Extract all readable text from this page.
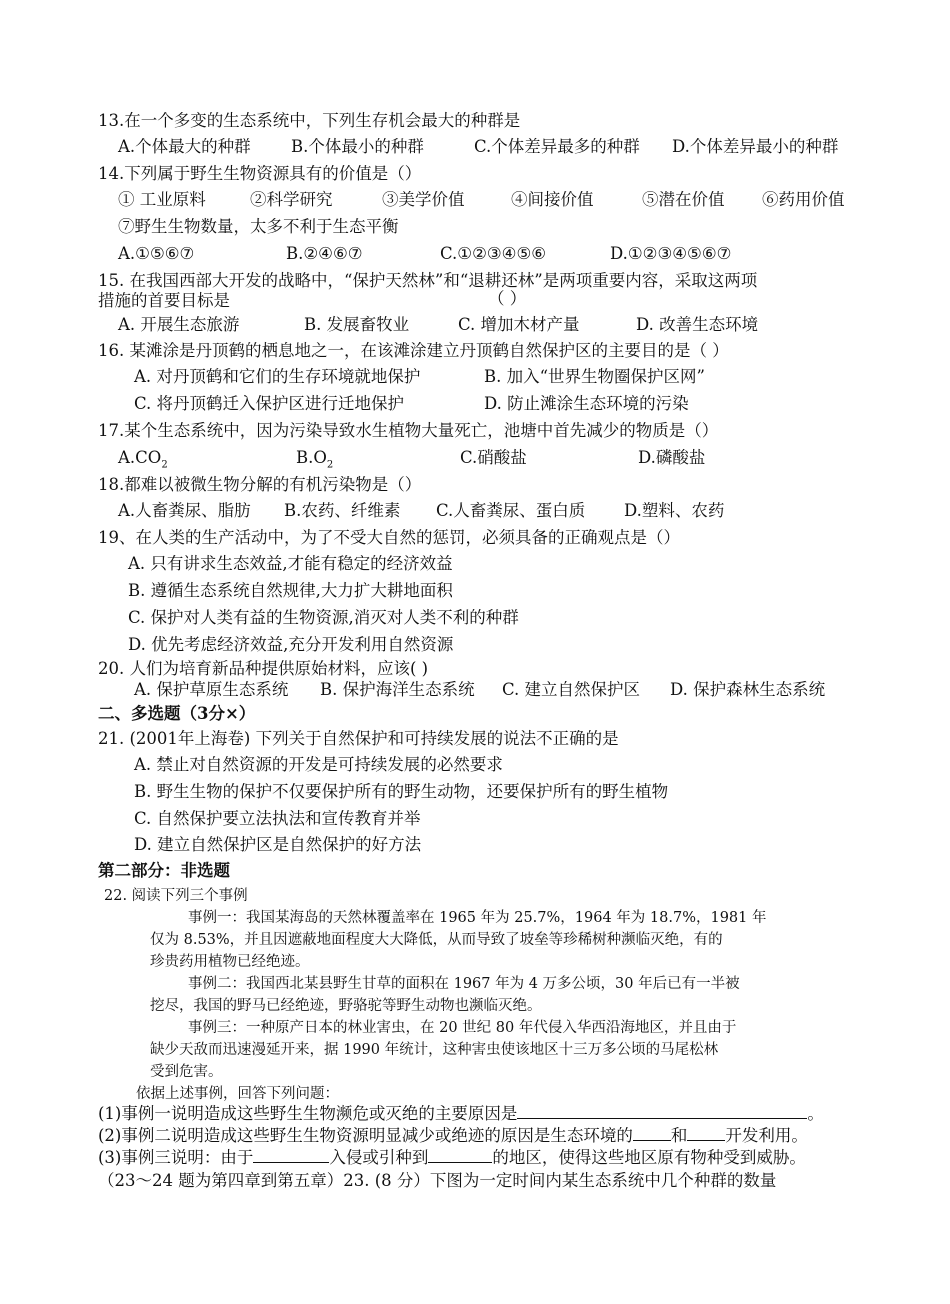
13.在一个多变的生态系统中，下列生存机会最大的种群是
A.个体最大的种群 B.个体最小的种群	C.个体差异最多的种群 D.个体差异最小的种群
14.下列属于野生生物资源具有的价值是（）
① 工业原料	②科学研究	③美学价值	④间接价值	⑤潜在价值 ⑥药用价值
⑦野生生物数量，太多不利于生态平衡
A.①⑤⑥⑦	B.②④⑥⑦	C.①②③④⑤⑥	D.①②③④⑤⑥⑦
15. 在我国西部大开发的战略中，“保护天然林”和“退耕还林”是两项重要内容，采取这两项
措施的首要目标是	（ ）
A. 开展生态旅游	B. 发展畜牧业	C. 增加木材产量	D. 改善生态环境
16. 某滩涂是丹顶鹤的栖息地之一，在该滩涂建立丹顶鹤自然保护区的主要目的是（ ）
A. 对丹顶鹤和它们的生存环境就地保护	B. 加入“世界生物圈保护区网”
C. 将丹顶鹤迁入保护区进行迁地保护	D. 防止滩涂生态环境的污染
17.某个生态系统中，因为污染导致水生植物大量死亡，池塘中首先减少的物质是（）
$A.CO_2$	$B.O_2$	C.硝酸盐	D.磷酸盐
18.都难以被微生物分解的有机污染物是（）
A.人畜粪尿、脂肪 B.农药、纤维素 C.人畜粪尿、蛋白质 D.塑料、农药
19、在人类的生产活动中，为了不受大自然的惩罚，必须具备的正确观点是（）
A. 只有讲求生态效益,才能有稳定的经济效益
B. 遵循生态系统自然规律,大力扩大耕地面积
C. 保护对人类有益的生物资源,消灭对人类不利的种群
D. 优先考虑经济效益,充分开发利用自然资源
20. 人们为培育新品种提供原始材料，应该( )
A. 保护草原生态系统 B. 保护海洋生态系统 C. 建立自然保护区 D. 保护森林生态系统
二、多选题（3分×）
21. (2001年上海卷) 下列关于自然保护和可持续发展的说法不正确的是
A. 禁止对自然资源的开发是可持续发展的必然要求
B. 野生生物的保护不仅要保护所有的野生动物，还要保护所有的野生植物
C. 自然保护要立法执法和宣传教育并举
D. 建立自然保护区是自然保护的好方法
第二部分：非选题
22. 阅读下列三个事例
事例一：我国某海岛的天然林覆盖率在 1965 年为 25.7%，1964 年为 18.7%，1981 年
仅为 8.53%，并且因遮蔽地面程度大大降低，从而导致了坡垒等珍稀树种濒临灭绝，有的
珍贵药用植物已经绝迹。
事例二：我国西北某县野生甘草的面积在 1967 年为 4 万多公顷，30 年后已有一半被
挖尽，我国的野马已经绝迹，野骆驼等野生动物也濒临灭绝。
事例三：一种原产日本的林业害虫，在 20 世纪 80 年代侵入华西沿海地区，并且由于
缺少天敌而迅速漫延开来，据 1990 年统计，这种害虫使该地区十三万多公顷的马尾松林
受到危害。
依据上述事例，回答下列问题：
(1)事例一说明造成这些野生生物濒危或灭绝的主要原因是	。
(2)事例二说明造成这些野生生物资源明显减少或绝迹的原因是生态环境的 和 开发利用。
(3)事例三说明：由于	入侵或引种到	的地区，使得这些地区原有物种受到威胁。
（23～24 题为第四章到第五章）23. (8 分）下图为一定时间内某生态系统中几个种群的数量
